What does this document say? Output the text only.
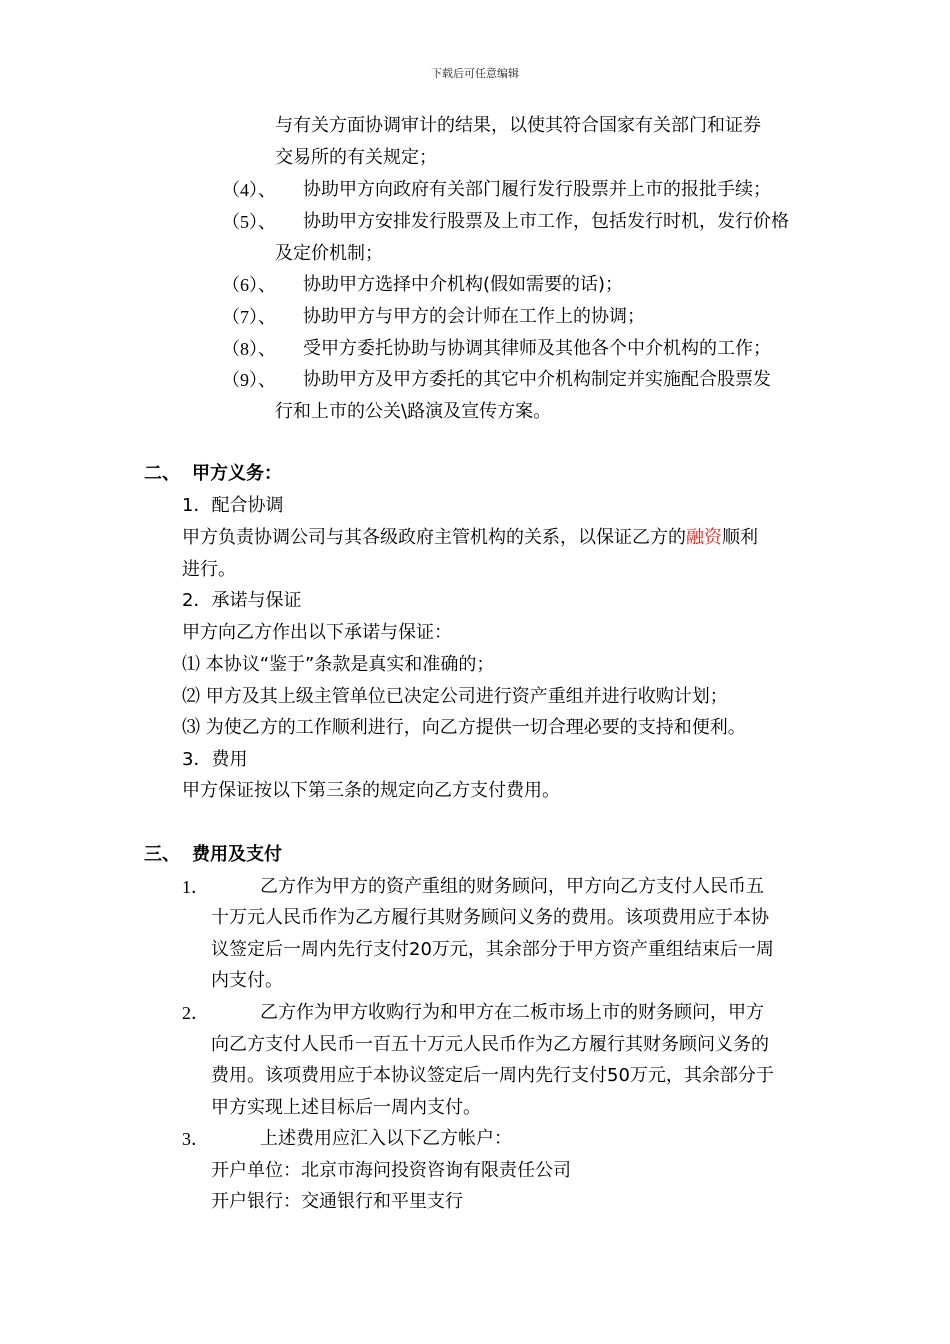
下载后可任意编辑
与有关方面协调审计的结果，以使其符合国家有关部门和证券
交易所的有关规定；
（4）、 协助甲方向政府有关部门履行发行股票并上市的报批手续；
（5）、 协助甲方安排发行股票及上市工作，包括发行时机，发行价格
及定价机制；
（6）、 协助甲方选择中介机构(假如需要的话)；
（7）、 协助甲方与甲方的会计师在工作上的协调；
（8）、 受甲方委托协助与协调其律师及其他各个中介机构的工作；
（9）、 协助甲方及甲方委托的其它中介机构制定并实施配合股票发
行和上市的公关\路演及宣传方案。
二、 甲方义务：
1．配合协调
甲方负责协调公司与其各级政府主管机构的关系，以保证乙方的融资顺利
进行。
2．承诺与保证
甲方向乙方作出以下承诺与保证：
⑴ 本协议“鉴于”条款是真实和准确的；
⑵ 甲方及其上级主管单位已决定公司进行资产重组并进行收购计划；
⑶ 为使乙方的工作顺利进行，向乙方提供一切合理必要的支持和便利。
3．费用
甲方保证按以下第三条的规定向乙方支付费用。
三、 费用及支付
1．	乙方作为甲方的资产重组的财务顾问，甲方向乙方支付人民币五
十万元人民币作为乙方履行其财务顾问义务的费用。该项费用应于本协
议签定后一周内先行支付20万元，其余部分于甲方资产重组结束后一周
内支付。
2．	乙方作为甲方收购行为和甲方在二板市场上市的财务顾问，甲方
向乙方支付人民币一百五十万元人民币作为乙方履行其财务顾问义务的
费用。该项费用应于本协议签定后一周内先行支付50万元，其余部分于
甲方实现上述目标后一周内支付。
3．	上述费用应汇入以下乙方帐户：
开户单位：北京市海问投资咨询有限责任公司
开户银行：交通银行和平里支行
